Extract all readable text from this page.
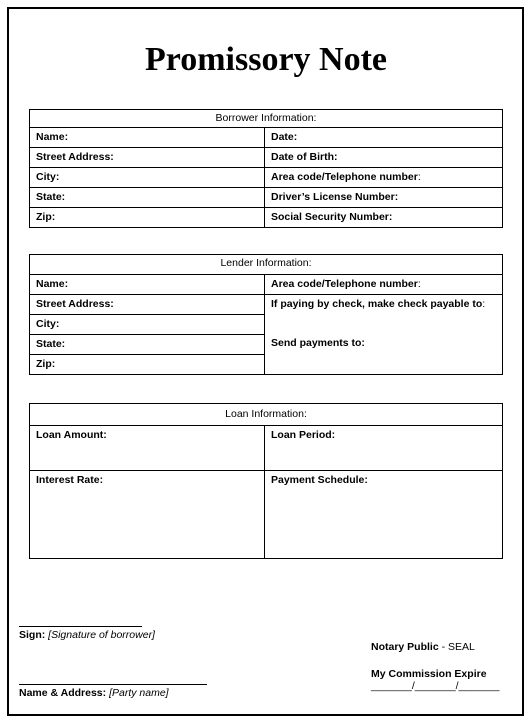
Promissory Note
Borrower Information:	
Name:	Date:
Street Address:	Date of Birth:
City:	Area code/Telephone number:
State:	Driver’s License Number:
Zip:	Social Security Number:
Lender Information:	
Name:	Area code/Telephone number:
Street Address:	If paying by check, make check payable to:
Send payments to:

City:	
State:	
Zip:	
Loan Information:	
Loan Amount:	Loan Period:
Interest Rate:	Payment Schedule:
Sign: [Signature of borrower]
Name & Address: [Party name]
Notary Public - SEAL
My Commission Expire
_______/_______/_______
